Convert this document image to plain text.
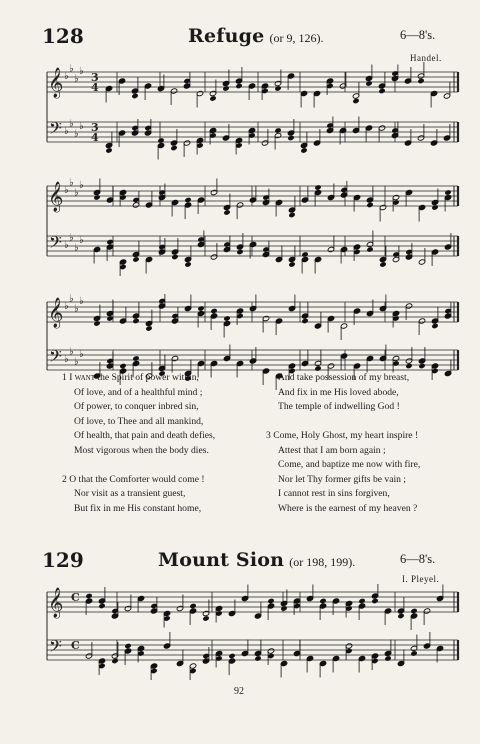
128	Refuge (or 9, 126).	6—8's.
Handel.
𝄞
𝄢
♭
♭
♭
♭
♭
♭
♭
♭
3
4
3
4
𝄞
𝄢
♭
♭
♭
♭
♭
♭
♭
♭
𝄞
𝄢
♭
♭
♭
♭
♭
♭
♭
♭
1 I want the Spirit of power within,
Of love, and of a healthful mind ;
Of power, to conquer inbred sin,
Of love, to Thee and all mankind,
Of health, that pain and death defies,
Most vigorous when the body dies.
2 O that the Comforter would come !
Nor visit as a transient guest,
But fix in me His constant home,
And take possession of my breast,
And fix in me His loved abode,
The temple of indwelling God !
3 Come, Holy Ghost, my heart inspire !
Attest that I am born again ;
Come, and baptize me now with fire,
Nor let Thy former gifts be vain ;
I cannot rest in sins forgiven,
Where is the earnest of my heaven ?
129	Mount Sion (or 198, 199).	6—8's.
I. Pleyel.
𝄞
𝄢
C
C
92
